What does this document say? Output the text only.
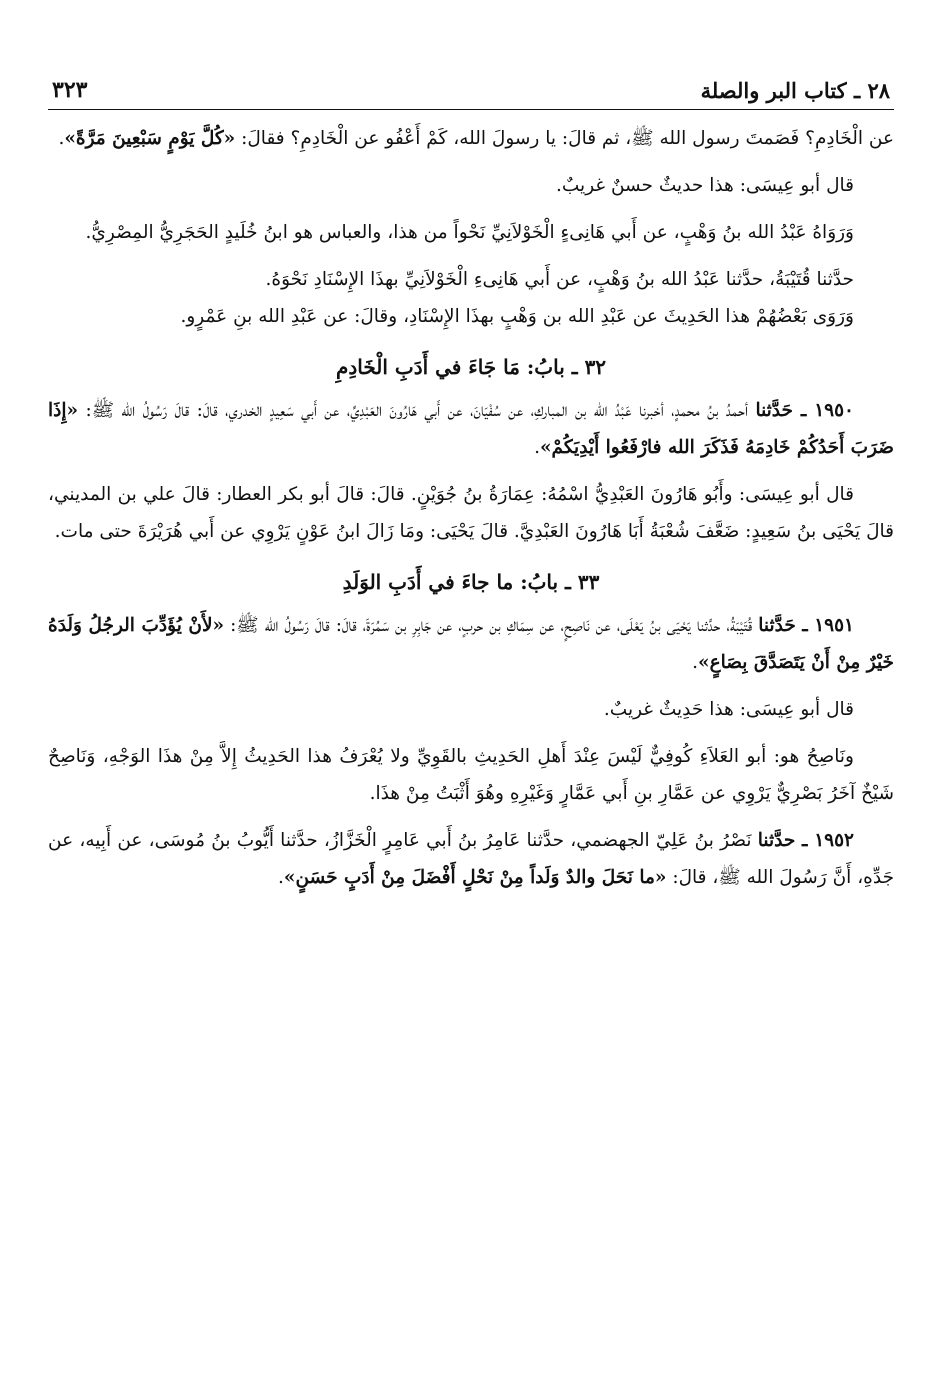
٢٨ ـ كتاب البر والصلة
٣٢٣

عن الْخَادِمِ؟ فَصَمتَ رسول الله ﷺ، ثم قالَ: يا رسولَ الله، كَمْ أَعْفُو عن الْخَادِمِ؟ فقالَ: «كُلَّ يَوْمٍ سَبْعِينَ مَرَّةً».

قال أبو عِيسَى: هذا حديثٌ حسنٌ غريبٌ.

وَرَوَاهُ عَبْدُ الله بنُ وَهْبٍ، عن أَبي هَانِىءٍ الْخَوْلاَنِيِّ نَحْواً من هذا، والعباس هو ابنُ خُلَيدٍ الحَجَرِيُّ المِصْرِيُّ.

حدَّثنا قُتَيْبَةُ، حدَّثنا عَبْدُ الله بنُ وَهْبٍ، عن أَبي هَانِىءِ الْخَوْلاَنِيِّ بهذَا الإِسْنَادِ نَحْوَهُ.

وَرَوَى بَعْضُهُمْ هذا الحَدِيثَ عن عَبْدِ الله بن وَهْبٍ بهذَا الإِسْنَادِ، وقالَ: عن عَبْدِ الله بنِ عَمْرٍو.

٣٢ ـ بابُ: مَا جَاءَ في أَدَبِ الْخَادِمِ

١٩٥٠ ـ حَدَّثنا أحمدُ بنُ محمدٍ، أخبرنا عَبْدُ الله بن المباركِ، عن سُفْيَانَ، عن أَبي هَارُونَ العَبْدِيِّ، عن أَبي سَعِيدٍ الخدري، قالَ: قالَ رَسُولُ الله ﷺ: «إِذَا ضَرَبَ أَحَدُكُمْ خَادِمَهُ فَذَكَرَ الله فارْفَعُوا أَيْدِيَكُمْ».

قال أبو عِيسَى: وأَبُو هَارُونَ العَبْدِيُّ اسْمُهُ: عِمَارَةُ بنُ جُوَيْنٍ. قالَ: قالَ أبو بكر العطار: قالَ علي بن المديني، قالَ يَحْيَى بنُ سَعِيدٍ: ضَعَّفَ شُعْبَةُ أَبَا هَارُونَ العَبْدِيَّ. قالَ يَحْيَى: ومَا زَالَ ابنُ عَوْنٍ يَرْوِي عن أَبي هُرَيْرَةَ حتى مات.

٣٣ ـ بابُ: ما جاءَ في أَدَبِ الوَلَدِ

١٩٥١ ـ حَدَّثنا قُتَيْبَةُ، حدَّثنا يَحْيَى بنُ يَعْلَى، عن نَاصِحٍ، عن سِمَاكِ بن حربٍ، عن جَابِرِ بن سَمُرَةَ، قالَ: قالَ رَسُولُ الله ﷺ: «لأَنْ يُؤَدِّبَ الرجُلُ وَلَدَهُ خَيْرٌ مِنْ أَنْ يَتَصَدَّقَ بِصَاعٍ».

قال أبو عِيسَى: هذا حَدِيثٌ غريبٌ.

ونَاصِحُ هو: أبو العَلاَءِ كُوفِيٌّ لَيْسَ عِنْدَ أَهلِ الحَدِيثِ بالقَوِيِّ ولا يُعْرَفُ هذا الحَدِيثُ إِلاَّ مِنْ هذَا الوَجْهِ، وَنَاصِحٌ شَيْخٌ آخَرُ بَصْرِيٌّ يَرْوِي عن عَمَّارِ بنِ أَبي عَمَّارٍ وَغَيْرِهِ وهُوَ أَثْبَتُ مِنْ هذَا.

١٩٥٢ ـ حدَّثنا نَصْرُ بنُ عَلِيّ الجهضمي، حدَّثنا عَامِرُ بنُ أَبي عَامِرٍ الْخَزَّازُ، حدَّثنا أَيُّوبُ بنُ مُوسَى، عن أَبِيه، عن جَدِّهِ، أَنَّ رَسُولَ الله ﷺ، قالَ: «ما نَحَلَ والدٌ وَلَداً مِنْ نَحْلٍ أَفْضَلَ مِنْ أَدَبٍ حَسَنٍ».
